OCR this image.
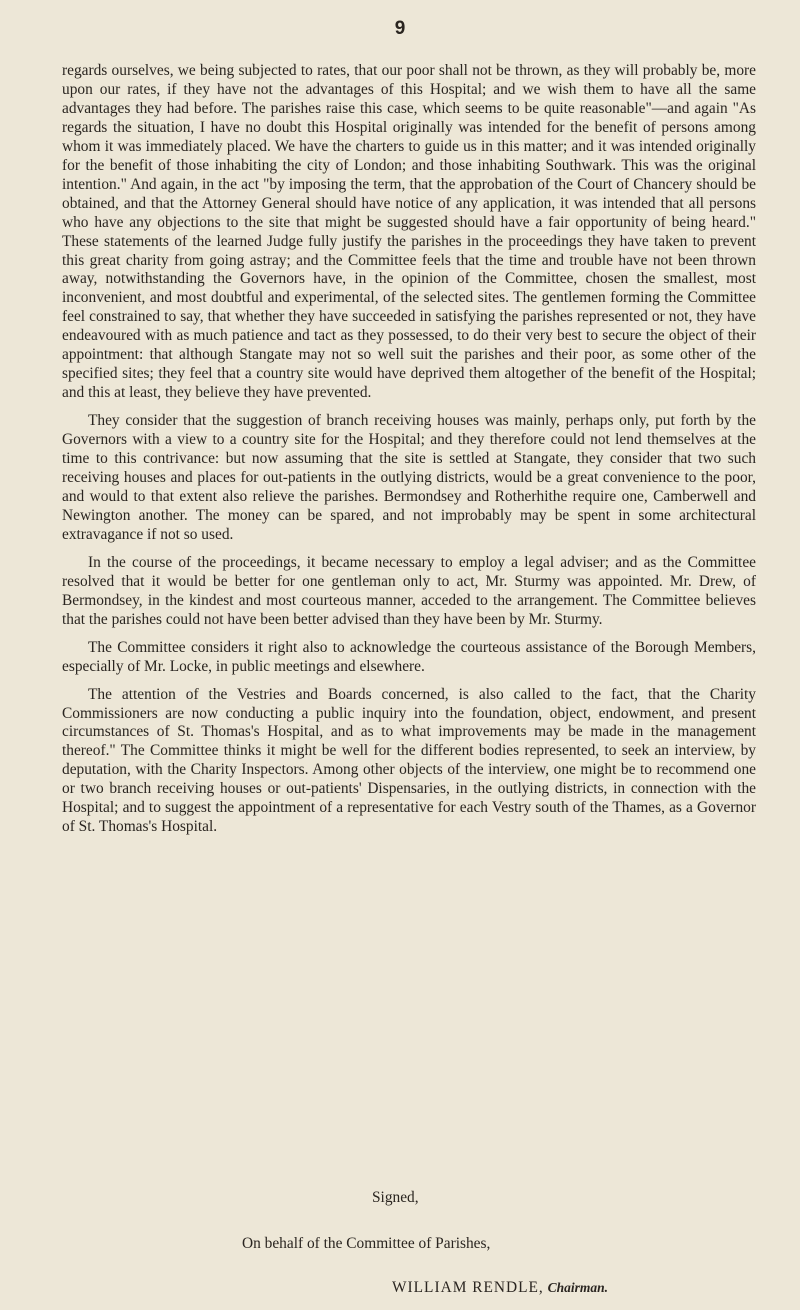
9

regards ourselves, we being subjected to rates, that our poor shall not be thrown, as they will probably be, more upon our rates, if they have not the advantages of this Hospital; and we wish them to have all the same advantages they had before. The parishes raise this case, which seems to be quite reasonable"—and again "As regards the situation, I have no doubt this Hospital originally was intended for the benefit of persons among whom it was immediately placed. We have the charters to guide us in this matter; and it was intended originally for the benefit of those inhabiting the city of London; and those inhabiting Southwark. This was the original intention." And again, in the act "by imposing the term, that the approbation of the Court of Chancery should be obtained, and that the Attorney General should have notice of any application, it was intended that all persons who have any objections to the site that might be suggested should have a fair opportunity of being heard." These statements of the learned Judge fully justify the parishes in the proceedings they have taken to prevent this great charity from going astray; and the Committee feels that the time and trouble have not been thrown away, notwithstanding the Governors have, in the opinion of the Committee, chosen the smallest, most inconvenient, and most doubtful and experimental, of the selected sites. The gentlemen forming the Committee feel constrained to say, that whether they have succeeded in satisfying the parishes represented or not, they have endeavoured with as much patience and tact as they possessed, to do their very best to secure the object of their appointment: that although Stangate may not so well suit the parishes and their poor, as some other of the specified sites; they feel that a country site would have deprived them altogether of the benefit of the Hospital; and this at least, they believe they have prevented.

They consider that the suggestion of branch receiving houses was mainly, perhaps only, put forth by the Governors with a view to a country site for the Hospital; and they therefore could not lend themselves at the time to this contrivance: but now assuming that the site is settled at Stangate, they consider that two such receiving houses and places for out-patients in the outlying districts, would be a great convenience to the poor, and would to that extent also relieve the parishes. Bermondsey and Rotherhithe require one, Camberwell and Newington another. The money can be spared, and not improbably may be spent in some architectural extravagance if not so used.

In the course of the proceedings, it became necessary to employ a legal adviser; and as the Committee resolved that it would be better for one gentleman only to act, Mr. Sturmy was appointed. Mr. Drew, of Bermondsey, in the kindest and most courteous manner, acceded to the arrangement. The Committee believes that the parishes could not have been better advised than they have been by Mr. Sturmy.

The Committee considers it right also to acknowledge the courteous assistance of the Borough Members, especially of Mr. Locke, in public meetings and elsewhere.

The attention of the Vestries and Boards concerned, is also called to the fact, that the Charity Commissioners are now conducting a public inquiry into the foundation, object, endowment, and present circumstances of St. Thomas's Hospital, and as to what improvements may be made in the management thereof." The Committee thinks it might be well for the different bodies represented, to seek an interview, by deputation, with the Charity Inspectors. Among other objects of the interview, one might be to recommend one or two branch receiving houses or out-patients' Dispensaries, in the outlying districts, in connection with the Hospital; and to suggest the appointment of a representative for each Vestry south of the Thames, as a Governor of St. Thomas's Hospital.

Signed,
On behalf of the Committee of Parishes,
WILLIAM RENDLE, Chairman.
